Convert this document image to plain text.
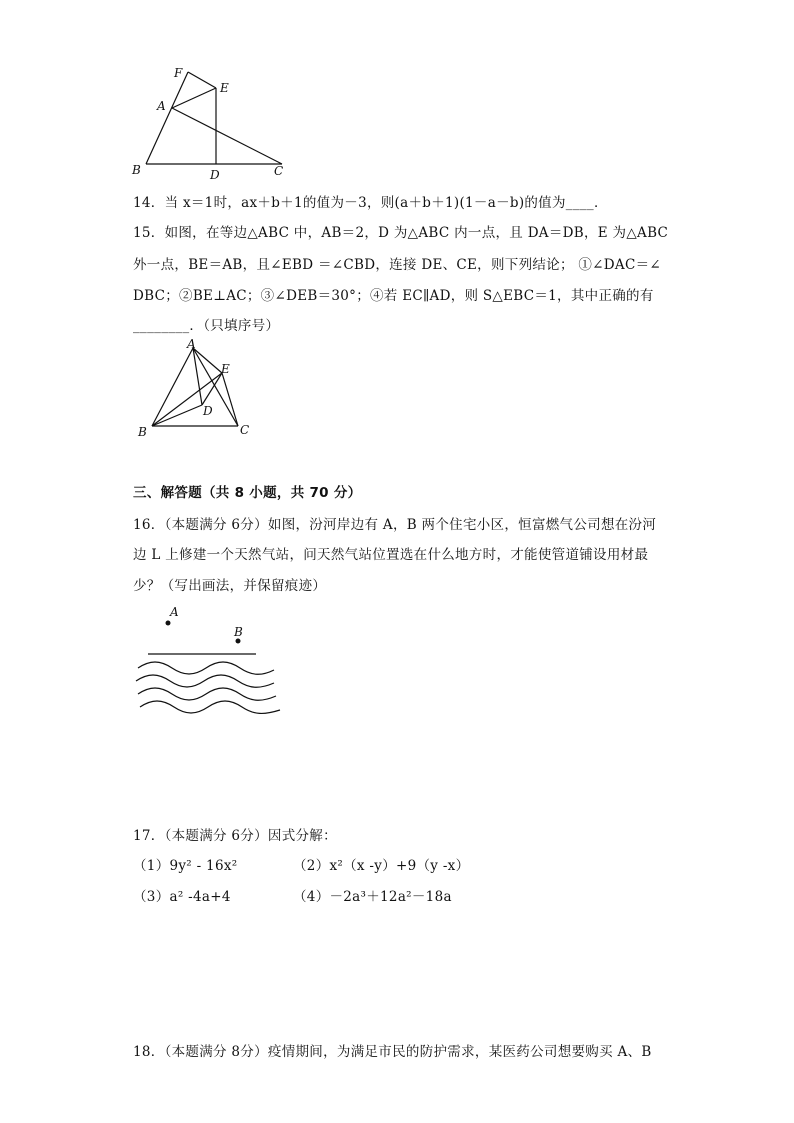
F
E
A
B	D	C
14．当 x＝1时，ax＋b＋1的值为－3，则(a＋b＋1)(1－a－b)的值为____．
15．如图，在等边△ABC 中，AB＝2，D 为△ABC 内一点，且 DA＝DB，E 为△ABC
外一点，BE＝AB，且∠EBD ＝∠CBD，连接 DE、CE，则下列结论； ①∠DAC＝∠
DBC；②BE⊥AC；③∠DEB＝30°；④若 EC∥AD，则 S△EBC＝1，其中正确的有
________．（只填序号）
A
E
D
B	C
三、解答题（共 8 小题，共 70 分）
16．（本题满分 6分）如图，汾河岸边有 A，B 两个住宅小区，恒富燃气公司想在汾河
边 L 上修建一个天然气站，问天然气站位置选在什么地方时，才能使管道铺设用材最
少？（写出画法，并保留痕迹）
A
B
17．（本题满分 6分）因式分解：
（1）9y² - 16x²	（2）x²（x -y）+9（y -x）
（3）a² -4a+4	（4）－2a³＋12a²－18a
18．（本题满分 8分）疫情期间，为满足市民的防护需求，某医药公司想要购买 A、B
